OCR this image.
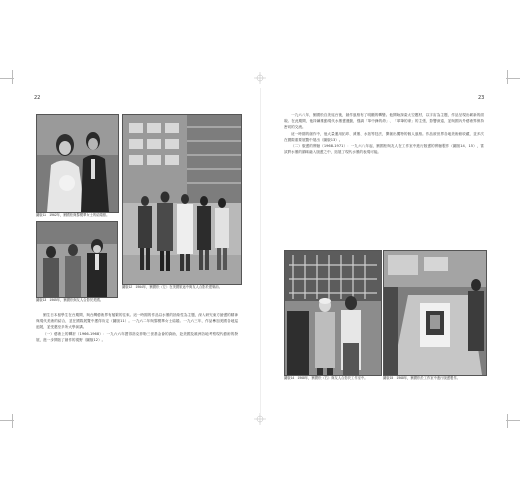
22	23
圖版11　1962年，劉國松與黎模華女士的結婚照。
圖版12　1964年，劉國松（左）在美國旅途中與友人合影於建築前。
圖版13　1965年，劉國松與友人合影於美國。

劉生日本留學生在台期間，與台灣藝術界有頻繁的往來。這一時期的作品以水墨的抽象性為主題，深入研究東方繪畫的精神與現代美術的結合，並在國際展覽中獲得肯定（圖版11）。一九六二年與黎模華女士結婚。一九六三年，作品參加美國各地巡迴展，並受邀至多所大學演講。

（一）藝術上的轉折（1966-1968）：一九六六年獲得洛克菲勒三世基金會的資助，赴美國及歐洲各地考察現代藝術的發展，進一步開拓了創作的視野（圖版12）。

一九六八年，劉國松自美返台後，創作風格有了明顯的轉變。他開始探索太空題材，以宇宙為主題，作品呈現出嶄新的面貌。在此期間，他持續推動現代水墨畫運動，強調「革中鋒的命」、「革筆的命」的主張，影響深遠，並與國內外藝術界保持密切的交流。

這一時期的創作中，他大量運用拓印、漬墨、水拓等技法，開創出獨特的個人風格。作品被世界各地美術館收藏，並多次在國際重要展覽中展出（圖版13）。

（二）版畫的實驗（1968-1971）：一九六八年起，劉國松與友人在工作室中進行版畫的實驗製作（圖版14、15），嘗試將水墨的韻味融入版畫之中，拓展了現代水墨的表現可能。

圖版14　1968年，劉國松（右）與友人合影於工作室中。	圖版15　1968年，劉國松於工作室中進行版畫製作。
